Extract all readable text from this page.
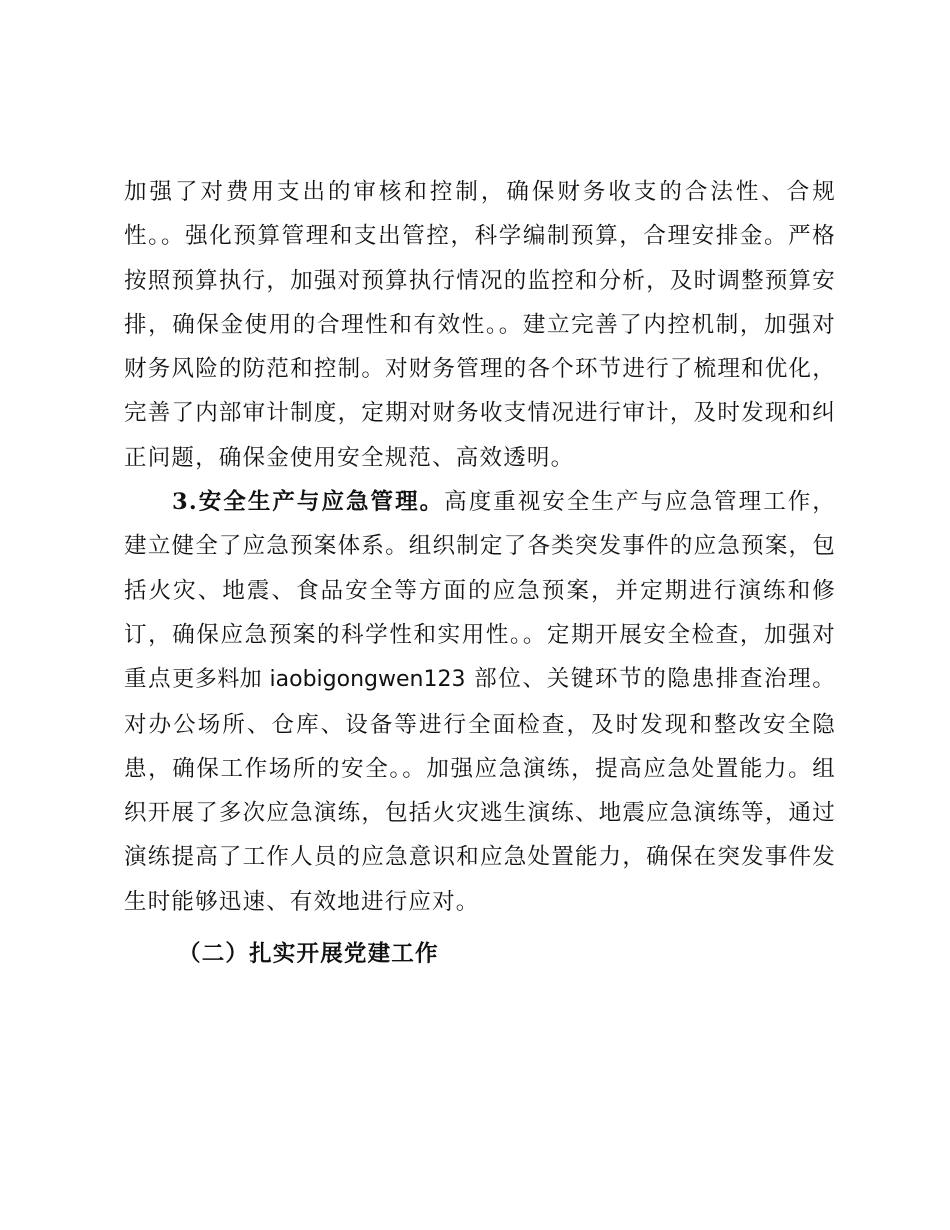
加强了对费用支出的审核和控制，确保财务收支的合法性、合规性。。强化预算管理和支出管控，科学编制预算，合理安排金。严格按照预算执行，加强对预算执行情况的监控和分析，及时调整预算安排，确保金使用的合理性和有效性。。建立完善了内控机制，加强对财务风险的防范和控制。对财务管理的各个环节进行了梳理和优化，完善了内部审计制度，定期对财务收支情况进行审计，及时发现和纠正问题，确保金使用安全规范、高效透明。

3.安全生产与应急管理。高度重视安全生产与应急管理工作，建立健全了应急预案体系。组织制定了各类突发事件的应急预案，包括火灾、地震、食品安全等方面的应急预案，并定期进行演练和修订，确保应急预案的科学性和实用性。。定期开展安全检查，加强对重点更多料加 iaobigongwen123 部位、关键环节的隐患排查治理。对办公场所、仓库、设备等进行全面检查，及时发现和整改安全隐患，确保工作场所的安全。。加强应急演练，提高应急处置能力。组织开展了多次应急演练，包括火灾逃生演练、地震应急演练等，通过演练提高了工作人员的应急意识和应急处置能力，确保在突发事件发生时能够迅速、有效地进行应对。

（二）扎实开展党建工作
